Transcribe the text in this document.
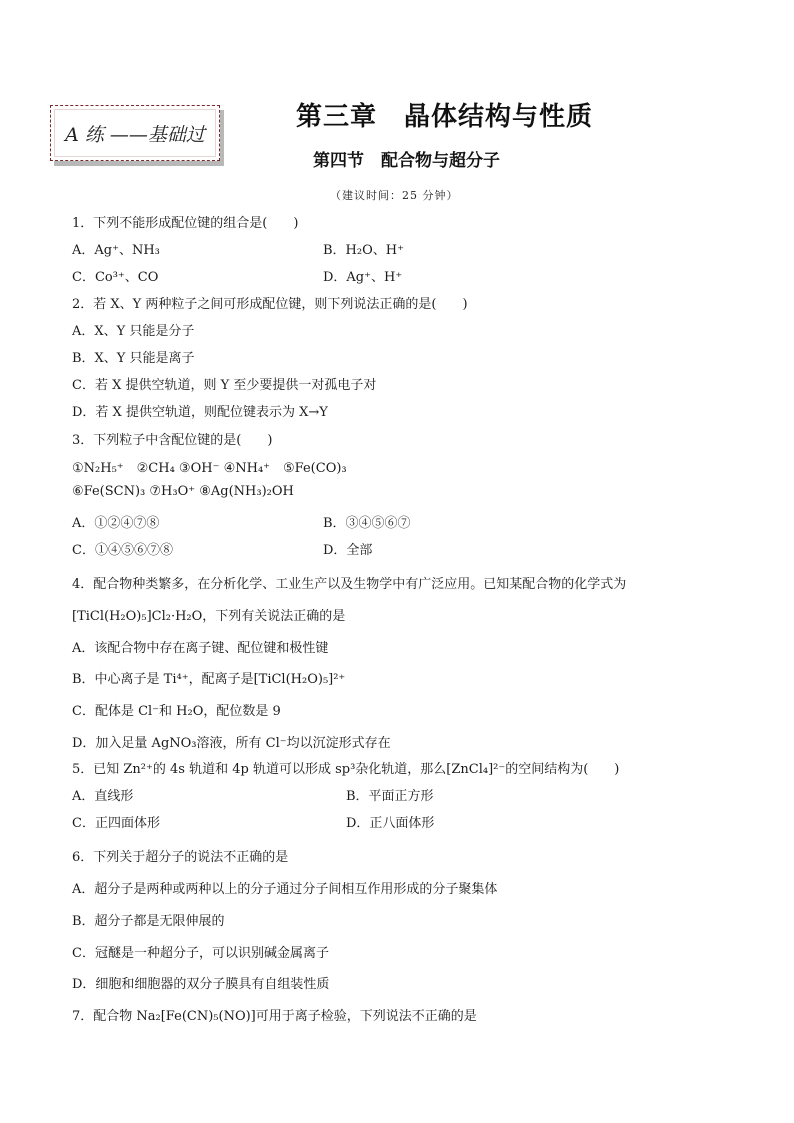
A 练 ——基础过
第三章　晶体结构与性质
第四节　配合物与超分子
（建议时间：25 分钟）
1．下列不能形成配位键的组合是(　　)
A．Ag⁺、NH₃	B．H₂O、H⁺
C．Co³⁺、CO	D．Ag⁺、H⁺
2．若 X、Y 两种粒子之间可形成配位键，则下列说法正确的是(　　)
A．X、Y 只能是分子
B．X、Y 只能是离子
C．若 X 提供空轨道，则 Y 至少要提供一对孤电子对
D．若 X 提供空轨道，则配位键表示为 X→Y
3．下列粒子中含配位键的是(　　)
①N₂H₅⁺　②CH₄ ③OH⁻ ④NH₄⁺　⑤Fe(CO)₃
⑥Fe(SCN)₃ ⑦H₃O⁺ ⑧Ag(NH₃)₂OH
A．①②④⑦⑧	B．③④⑤⑥⑦
C．①④⑤⑥⑦⑧	D．全部
4．配合物种类繁多，在分析化学、工业生产以及生物学中有广泛应用。已知某配合物的化学式为
[TiCl(H₂O)₅]Cl₂·H₂O，下列有关说法正确的是
A．该配合物中存在离子键、配位键和极性键
B．中心离子是 Ti⁴⁺，配离子是[TiCl(H₂O)₅]²⁺
C．配体是 Cl⁻和 H₂O，配位数是 9
D．加入足量 AgNO₃溶液，所有 Cl⁻均以沉淀形式存在
5．已知 Zn²⁺的 4s 轨道和 4p 轨道可以形成 sp³杂化轨道，那么[ZnCl₄]²⁻的空间结构为(　　)
A．直线形	B．平面正方形
C．正四面体形	D．正八面体形
6．下列关于超分子的说法不正确的是
A．超分子是两种或两种以上的分子通过分子间相互作用形成的分子聚集体
B．超分子都是无限伸展的
C．冠醚是一种超分子，可以识别碱金属离子
D．细胞和细胞器的双分子膜具有自组装性质
7．配合物 Na₂[Fe(CN)₅(NO)]可用于离子检验，下列说法不正确的是
